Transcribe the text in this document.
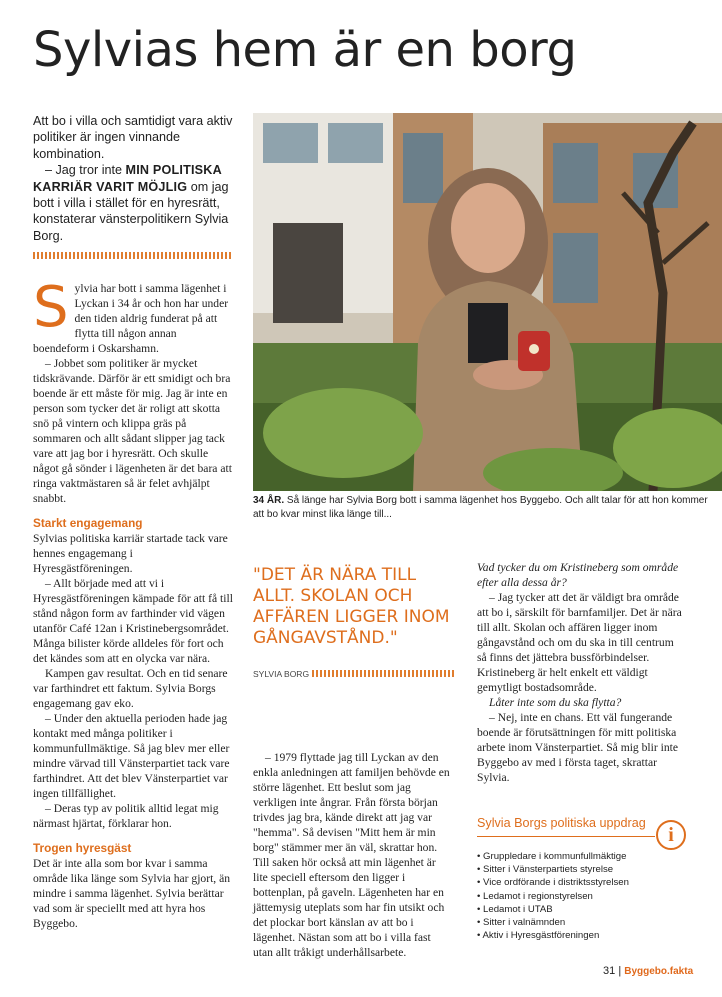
Sylvias hem är en borg

Att bo i villa och samtidigt vara aktiv politiker är ingen vinnande kombination.

– Jag tror inte MIN POLITISKA KARRIÄR VARIT MÖJLIG om jag bott i villa i stället för en hyresrätt, konstaterar vänsterpolitikern Sylvia Borg.

Sylvia har bott i samma lägenhet i Lyckan i 34 år och hon har under den tiden aldrig funderat på att flytta till någon annan boendeform i Oskarshamn.

– Jobbet som politiker är mycket tidskrävande. Därför är ett smidigt och bra boende är ett måste för mig. Jag är inte en person som tycker det är roligt att skotta snö på vintern och klippa gräs på sommaren och allt sådant slipper jag tack vare att jag bor i hyresrätt. Och skulle något gå sönder i lägenheten är det bara att ringa vaktmästaren så är felet avhjälpt snabbt.

Starkt engagemang

Sylvias politiska karriär startade tack vare hennes engagemang i Hyresgästföreningen.

– Allt började med att vi i Hyresgästföreningen kämpade för att få till stånd någon form av farthinder vid vägen utanför Café 12an i Kristinebergsområdet. Många bilister körde alldeles för fort och det kändes som att en olycka var nära.

Kampen gav resultat. Och en tid senare var farthindret ett faktum. Sylvia Borgs engagemang gav eko.

– Under den aktuella perioden hade jag kontakt med många politiker i kommunfullmäktige. Så jag blev mer eller mindre värvad till Vänsterpartiet tack vare farthindret. Att det blev Vänsterpartiet var ingen tillfällighet.

– Deras typ av politik alltid legat mig närmast hjärtat, förklarar hon.

Trogen hyresgäst

Det är inte alla som bor kvar i samma område lika länge som Sylvia har gjort, än mindre i samma lägenhet. Sylvia berättar vad som är speciellt med att hyra hos Byggebo.

34 ÅR. Så länge har Sylvia Borg bott i samma lägenhet hos Byggebo. Och allt talar för att hon kommer att bo kvar minst lika länge till...
"DET ÄR NÄRA TILL ALLT. SKOLAN OCH AFFÄREN LIGGER INOM GÅNGAVSTÅND."
SYLVIA BORG

– 1979 flyttade jag till Lyckan av den enkla anledningen att familjen behövde en större lägenhet. Ett beslut som jag verkligen inte ångrar. Från första början trivdes jag bra, kände direkt att jag var "hemma". Så devisen "Mitt hem är min borg" stämmer mer än väl, skrattar hon. Till saken hör också att min lägenhet är lite speciell eftersom den ligger i bottenplan, på gaveln. Lägenheten har en jättemysig uteplats som har fin utsikt och det plockar bort känslan av att bo i lägenhet. Nästan som att bo i villa fast utan allt tråkigt underhållsarbete.

Vad tycker du om Kristineberg som område efter alla dessa år?

– Jag tycker att det är väldigt bra område att bo i, särskilt för barnfamiljer. Det är nära till allt. Skolan och affären ligger inom gångavstånd och om du ska in till centrum så finns det jättebra bussförbindelser. Kristineberg är helt enkelt ett väldigt gemytligt bostadsområde.

Låter inte som du ska flytta?

– Nej, inte en chans. Ett väl fungerande boende är förutsättningen för mitt politiska arbete inom Vänsterpartiet. Så mig blir inte Byggebo av med i första taget, skrattar Sylvia.

Sylvia Borgs politiska uppdrag
i
• Gruppledare i kommunfullmäktige
• Sitter i Vänsterpartiets styrelse
• Vice ordförande i distriktsstyrelsen
• Ledamot i regionstyrelsen
• Ledamot i UTAB
• Sitter i valnämnden
• Aktiv i Hyresgästföreningen
31 | Byggebo.fakta
